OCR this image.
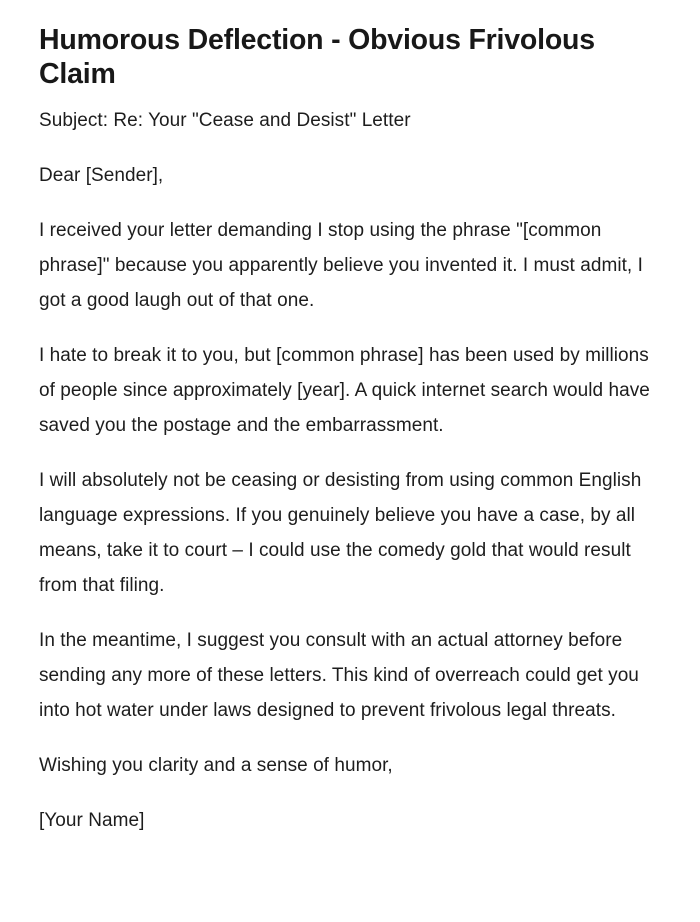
Humorous Deflection - Obvious Frivolous Claim

Subject: Re: Your "Cease and Desist" Letter

Dear [Sender],

I received your letter demanding I stop using the phrase "[common phrase]" because you apparently believe you invented it. I must admit, I got a good laugh out of that one.

I hate to break it to you, but [common phrase] has been used by millions of people since approximately [year]. A quick internet search would have saved you the postage and the embarrassment.

I will absolutely not be ceasing or desisting from using common English language expressions. If you genuinely believe you have a case, by all means, take it to court – I could use the comedy gold that would result from that filing.

In the meantime, I suggest you consult with an actual attorney before sending any more of these letters. This kind of overreach could get you into hot water under laws designed to prevent frivolous legal threats.

Wishing you clarity and a sense of humor,

[Your Name]
